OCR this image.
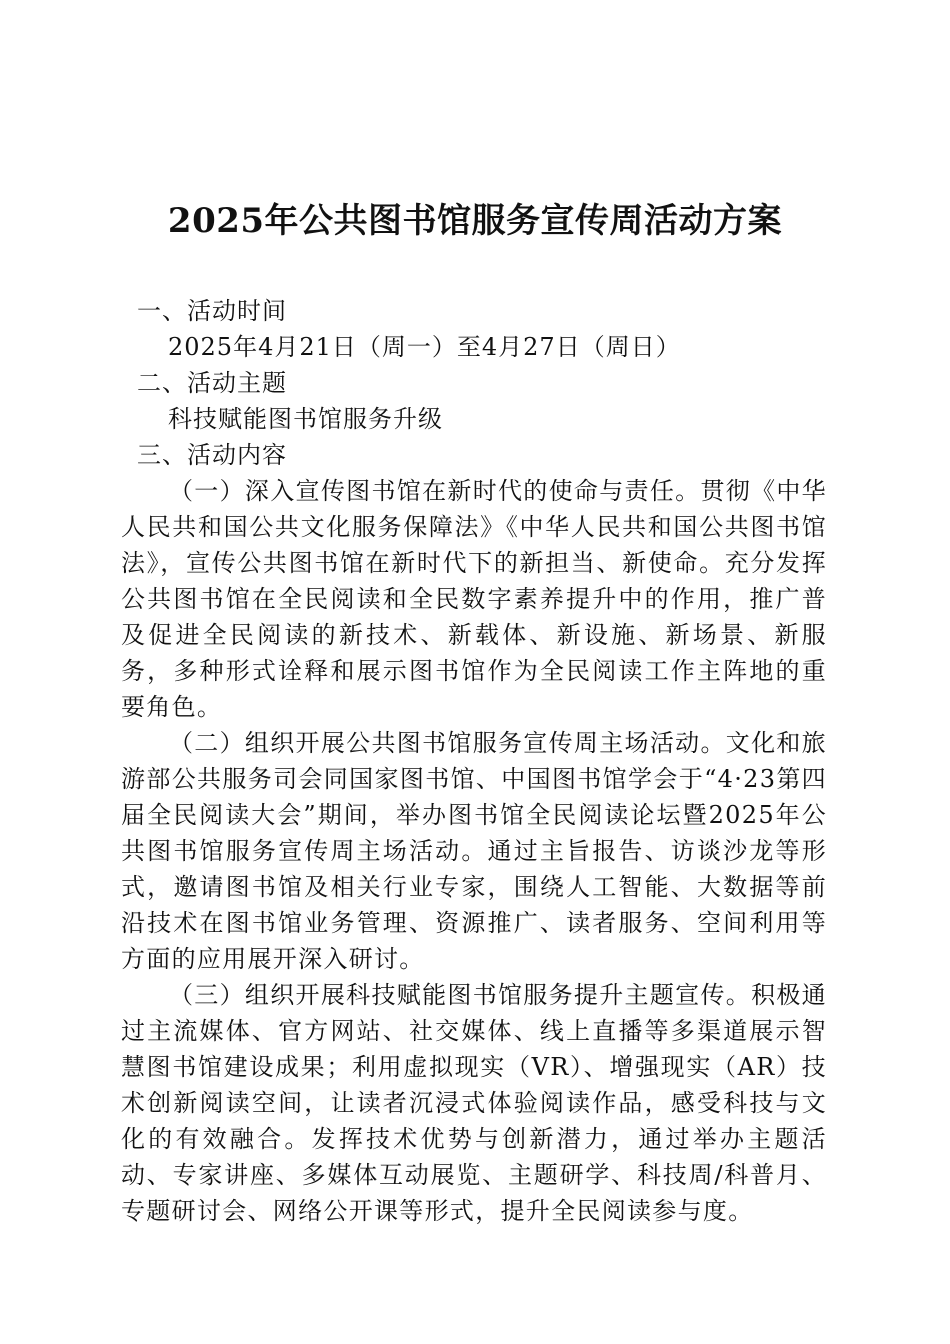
2025年公共图书馆服务宣传周活动方案

一、活动时间

2025年4月21日（周一）至4月27日（周日）

二、活动主题

科技赋能图书馆服务升级

三、活动内容

（一）深入宣传图书馆在新时代的使命与责任。贯彻《中华人民共和国公共文化服务保障法》《中华人民共和国公共图书馆法》，宣传公共图书馆在新时代下的新担当、新使命。充分发挥公共图书馆在全民阅读和全民数字素养提升中的作用，推广普及促进全民阅读的新技术、新载体、新设施、新场景、新服务，多种形式诠释和展示图书馆作为全民阅读工作主阵地的重要角色。

（二）组织开展公共图书馆服务宣传周主场活动。文化和旅游部公共服务司会同国家图书馆、中国图书馆学会于“4·23第四届全民阅读大会”期间，举办图书馆全民阅读论坛暨2025年公共图书馆服务宣传周主场活动。通过主旨报告、访谈沙龙等形式，邀请图书馆及相关行业专家，围绕人工智能、大数据等前沿技术在图书馆业务管理、资源推广、读者服务、空间利用等方面的应用展开深入研讨。

（三）组织开展科技赋能图书馆服务提升主题宣传。积极通过主流媒体、官方网站、社交媒体、线上直播等多渠道展示智慧图书馆建设成果；利用虚拟现实（VR）、增强现实（AR）技术创新阅读空间，让读者沉浸式体验阅读作品，感受科技与文化的有效融合。发挥技术优势与创新潜力，通过举办主题活动、专家讲座、多媒体互动展览、主题研学、科技周/科普月、专题研讨会、网络公开课等形式，提升全民阅读参与度。
